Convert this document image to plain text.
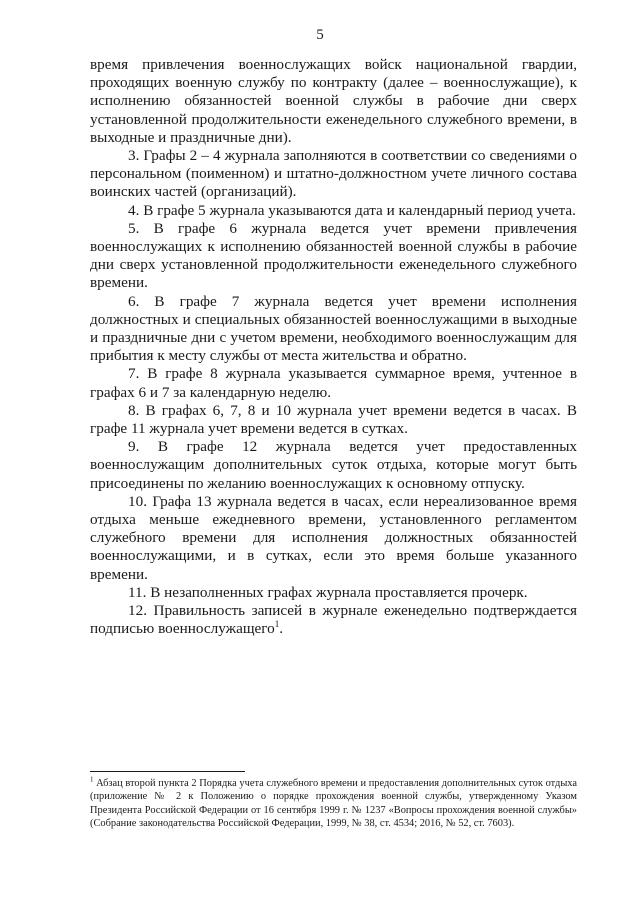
5

время привлечения военнослужащих войск национальной гвардии, проходящих военную службу по контракту (далее – военнослужащие), к исполнению обязанностей военной службы в рабочие дни сверх установленной продолжительности еженедельного служебного времени, в выходные и праздничные дни).

3. Графы 2 – 4 журнала заполняются в соответствии со сведениями о персональном (поименном) и штатно-должностном учете личного состава воинских частей (организаций).

4. В графе 5 журнала указываются дата и календарный период учета.

5. В графе 6 журнала ведется учет времени привлечения военнослужащих к исполнению обязанностей военной службы в рабочие дни сверх установленной продолжительности еженедельного служебного времени.

6. В графе 7 журнала ведется учет времени исполнения должностных и специальных обязанностей военнослужащими в выходные и праздничные дни с учетом времени, необходимого военнослужащим для прибытия к месту службы от места жительства и обратно.

7. В графе 8 журнала указывается суммарное время, учтенное в графах 6 и 7 за календарную неделю.

8. В графах 6, 7, 8 и 10 журнала учет времени ведется в часах. В графе 11 журнала учет времени ведется в сутках.

9. В графе 12 журнала ведется учет предоставленных военнослужащим дополнительных суток отдыха, которые могут быть присоединены по желанию военнослужащих к основному отпуску.

10. Графа 13 журнала ведется в часах, если нереализованное время отдыха меньше ежедневного времени, установленного регламентом служебного времени для исполнения должностных обязанностей военнослужащими, и в сутках, если это время больше указанного времени.

11. В незаполненных графах журнала проставляется прочерк.

12. Правильность записей в журнале еженедельно подтверждается подписью военнослужащего$^1$.

$^1$ Абзац второй пункта 2 Порядка учета служебного времени и предоставления дополнительных суток отдыха (приложение № 2 к Положению о порядке прохождения военной службы, утвержденному Указом Президента Российской Федерации от 16 сентября 1999 г. № 1237 «Вопросы прохождения военной службы» (Собрание законодательства Российской Федерации, 1999, № 38, ст. 4534; 2016, № 52, ст. 7603).
